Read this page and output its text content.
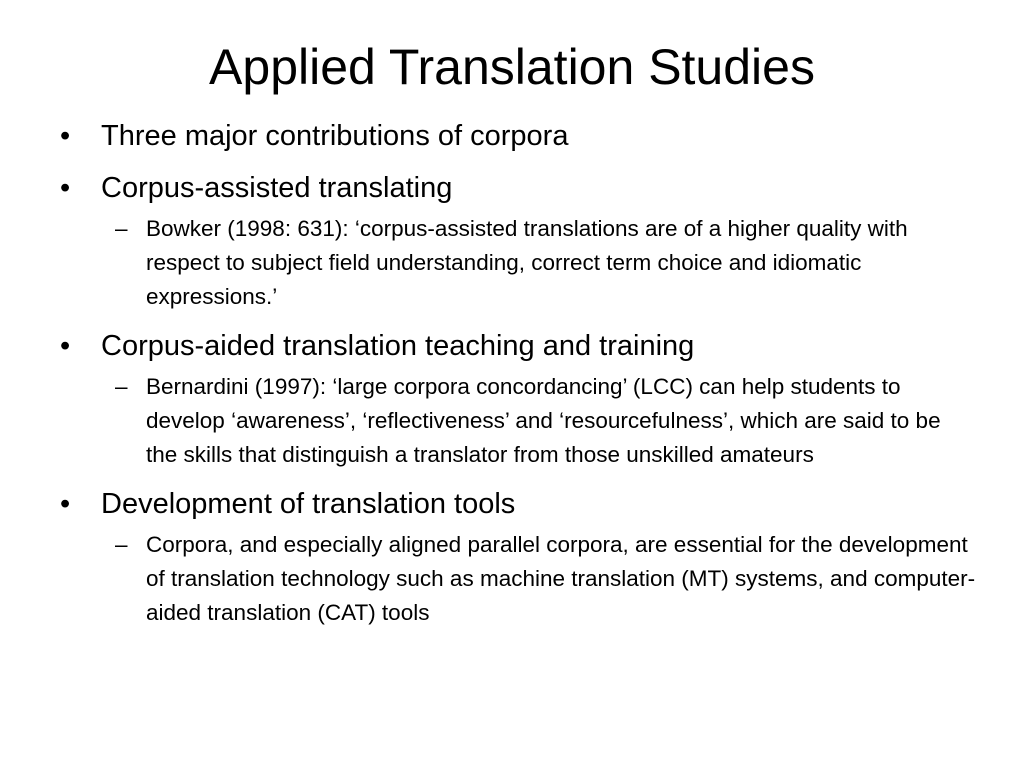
Applied Translation Studies
•	Three major contributions of corpora
•	Corpus-assisted translating
– Bowker (1998: 631): ‘corpus-assisted translations are of a higher quality with respect to subject field understanding, correct term choice and idiomatic expressions.’
•	Corpus-aided translation teaching and training
– Bernardini (1997): ‘large corpora concordancing’ (LCC) can help students to develop ‘awareness’, ‘reflectiveness’ and ‘resourcefulness’, which are said to be the skills that distinguish a translator from those unskilled amateurs
•	Development of translation tools
– Corpora, and especially aligned parallel corpora, are essential for the development of translation technology such as machine translation (MT) systems, and computer-aided translation (CAT) tools
